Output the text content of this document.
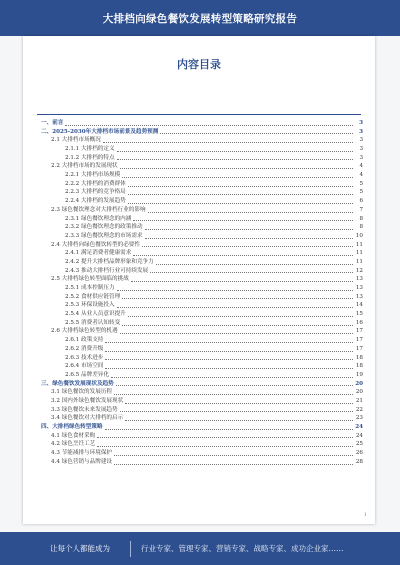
大排档向绿色餐饮发展转型策略研究报告
内容目录
一、前言	3
二、2025-2030年大排档市场前景及趋势预测	3
2.1 大排档市场概况	3
2.1.1 大排档的定义	3
2.1.2 大排档的特点	3
2.2 大排档市场的发展现状	4
2.2.1 大排档市场规模	4
2.2.2 大排档的消费群体	5
2.2.3 大排档的竞争格局	5
2.2.4 大排档的发展趋势	6
2.3 绿色餐饮理念对大排档行业的影响	7
2.3.1 绿色餐饮理念的内涵	8
2.3.2 绿色餐饮理念的政策推动	8
2.3.3 绿色餐饮理念的市场需求	10
2.4 大排档向绿色餐饮转型的必要性	11
2.4.1 满足消费者健康需求	11
2.4.2 提升大排档品牌形象和竞争力	11
2.4.3 推动大排档行业可持续发展	12
2.5 大排档绿色转型面临的挑战	13
2.5.1 成本控制压力	13
2.5.2 食材供应链管理	13
2.5.3 环保设施投入	14
2.5.4 从业人员意识提升	15
2.5.5 消费者认知转变	16
2.6 大排档绿色转型的机遇	17
2.6.1 政策支持	17
2.6.2 消费升级	17
2.6.3 技术进步	18
2.6.4 市场空间	18
2.6.5 品牌差异化	19
三、绿色餐饮发展现状及趋势	20
3.1 绿色餐饮的发展历程	20
3.2 国内外绿色餐饮发展现状	21
3.3 绿色餐饮未来发展趋势	22
3.4 绿色餐饮对大排档的启示	23
四、大排档绿色转型策略	24
4.1 绿色食材采购	24
4.2 绿色烹饪工艺	25
4.3 节能减排与环境保护	26
4.4 绿色营销与品牌建设	28
1
让每个人都能成为	行业专家、管理专家、营销专家、战略专家、成功企业家……
